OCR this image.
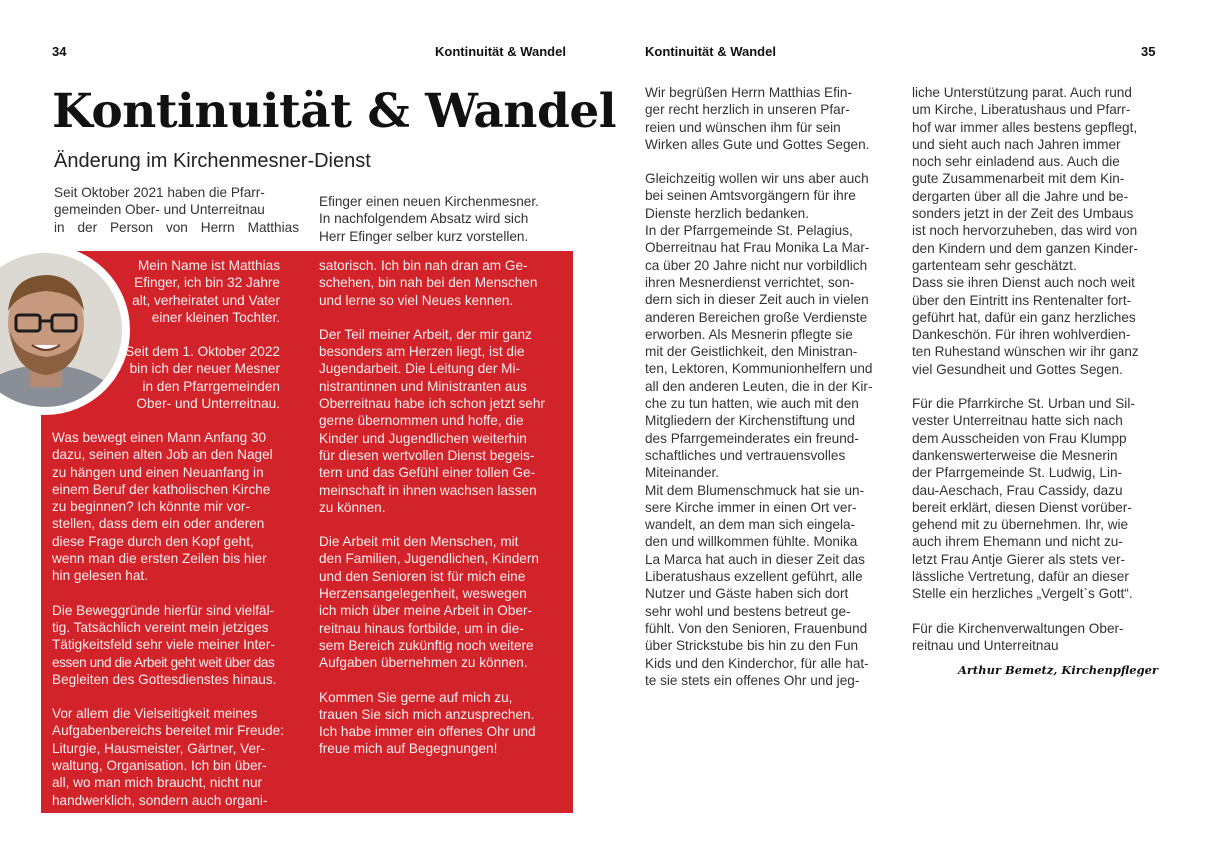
34	Kontinuität & Wandel	Kontinuität & Wandel	35
Kontinuität & Wandel
Änderung im Kirchenmesner-Dienst

Seit Oktober 2021 haben die Pfarr-

gemeinden Ober- und Unterreitnau

in der Person von Herrn Matthias

Efinger einen neuen Kirchenmesner.

In nachfolgendem Absatz wird sich

Herr Efinger selber kurz vorstellen.

Mein Name ist Matthias

Efinger, ich bin 32 Jahre

alt, verheiratet und Vater

einer kleinen Tochter.

Seit dem 1. Oktober 2022

bin ich der neuer Mesner

in den Pfarrgemeinden

Ober- und Unterreitnau.

Was bewegt einen Mann Anfang 30

dazu, seinen alten Job an den Nagel

zu hängen und einen Neuanfang in

einem Beruf der katholischen Kirche

zu beginnen? Ich könnte mir vor-

stellen, dass dem ein oder anderen

diese Frage durch den Kopf geht,

wenn man die ersten Zeilen bis hier

hin gelesen hat.

Die Beweggründe hierfür sind vielfäl-

tig. Tatsächlich vereint mein jetziges

Tätigkeitsfeld sehr viele meiner Inter-

essen und die Arbeit geht weit über das

Begleiten des Gottesdienstes hinaus.

Vor allem die Vielseitigkeit meines

Aufgabenbereichs bereitet mir Freude:

Liturgie, Hausmeister, Gärtner, Ver-

waltung, Organisation. Ich bin über-

all, wo man mich braucht, nicht nur

handwerklich, sondern auch organi-

satorisch. Ich bin nah dran am Ge-

schehen, bin nah bei den Menschen

und lerne so viel Neues kennen.

Der Teil meiner Arbeit, der mir ganz

besonders am Herzen liegt, ist die

Jugendarbeit. Die Leitung der Mi-

nistrantinnen und Ministranten aus

Oberreitnau habe ich schon jetzt sehr

gerne übernommen und hoffe, die

Kinder und Jugendlichen weiterhin

für diesen wertvollen Dienst begeis-

tern und das Gefühl einer tollen Ge-

meinschaft in ihnen wachsen lassen

zu können.

Die Arbeit mit den Menschen, mit

den Familien, Jugendlichen, Kindern

und den Senioren ist für mich eine

Herzensangelegenheit, weswegen

ich mich über meine Arbeit in Ober-

reitnau hinaus fortbilde, um in die-

sem Bereich zukünftig noch weitere

Aufgaben übernehmen zu können.

Kommen Sie gerne auf mich zu,

trauen Sie sich mich anzusprechen.

Ich habe immer ein offenes Ohr und

freue mich auf Begegnungen!

Wir begrüßen Herrn Matthias Efin-

ger recht herzlich in unseren Pfar-

reien und wünschen ihm für sein

Wirken alles Gute und Gottes Segen.

Gleichzeitig wollen wir uns aber auch

bei seinen Amtsvorgängern für ihre

Dienste herzlich bedanken.

In der Pfarrgemeinde St. Pelagius,

Oberreitnau hat Frau Monika La Mar-

ca über 20 Jahre nicht nur vorbildlich

ihren Mesnerdienst verrichtet, son-

dern sich in dieser Zeit auch in vielen

anderen Bereichen große Verdienste

erworben. Als Mesnerin pflegte sie

mit der Geistlichkeit, den Ministran-

ten, Lektoren, Kommunionhelfern und

all den anderen Leuten, die in der Kir-

che zu tun hatten, wie auch mit den

Mitgliedern der Kirchenstiftung und

des Pfarrgemeinderates ein freund-

schaftliches und vertrauensvolles

Miteinander.

Mit dem Blumenschmuck hat sie un-

sere Kirche immer in einen Ort ver-

wandelt, an dem man sich eingela-

den und willkommen fühlte. Monika

La Marca hat auch in dieser Zeit das

Liberatushaus exzellent geführt, alle

Nutzer und Gäste haben sich dort

sehr wohl und bestens betreut ge-

fühlt. Von den Senioren, Frauenbund

über Strickstube bis hin zu den Fun

Kids und den Kinderchor, für alle hat-

te sie stets ein offenes Ohr und jeg-

liche Unterstützung parat. Auch rund

um Kirche, Liberatushaus und Pfarr-

hof war immer alles bestens gepflegt,

und sieht auch nach Jahren immer

noch sehr einladend aus. Auch die

gute Zusammenarbeit mit dem Kin-

dergarten über all die Jahre und be-

sonders jetzt in der Zeit des Umbaus

ist noch hervorzuheben, das wird von

den Kindern und dem ganzen Kinder-

gartenteam sehr geschätzt.

Dass sie ihren Dienst auch noch weit

über den Eintritt ins Rentenalter fort-

geführt hat, dafür ein ganz herzliches

Dankeschön. Für ihren wohlverdien-

ten Ruhestand wünschen wir ihr ganz

viel Gesundheit und Gottes Segen.

Für die Pfarrkirche St. Urban und Sil-

vester Unterreitnau hatte sich nach

dem Ausscheiden von Frau Klumpp

dankenswerterweise die Mesnerin

der Pfarrgemeinde St. Ludwig, Lin-

dau-Aeschach, Frau Cassidy, dazu

bereit erklärt, diesen Dienst vorüber-

gehend mit zu übernehmen. Ihr, wie

auch ihrem Ehemann und nicht zu-

letzt Frau Antje Gierer als stets ver-

lässliche Vertretung, dafür an dieser

Stelle ein herzliches „Vergelt`s Gott“.

Für die Kirchenverwaltungen Ober-

reitnau und Unterreitnau

Arthur Bemetz, Kirchenpfleger
